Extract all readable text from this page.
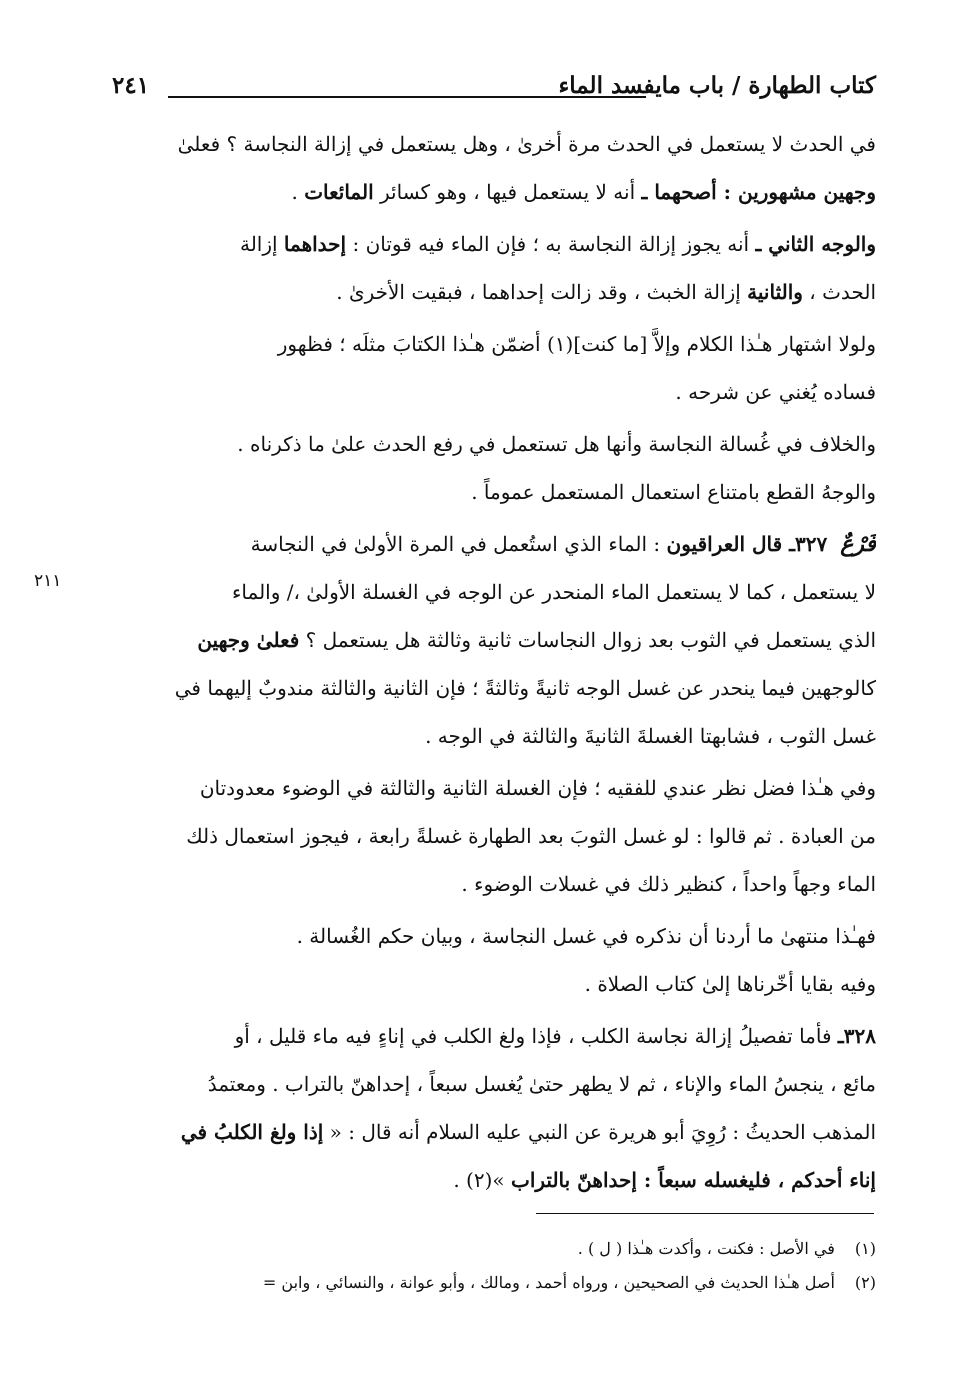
كتاب الطهارة / باب مايفسد الماء
٢٤١
٢١١
في الحدث لا يستعمل في الحدث مرة أخرىٰ ، وهل يستعمل في إزالة النجاسة ؟ فعلىٰ
وجهين مشهورين : أصحهما ـ أنه لا يستعمل فيها ، وهو كسائر المائعات .
والوجه الثاني ـ أنه يجوز إزالة النجاسة به ؛ فإن الماء فيه قوتان : إحداهما إزالة
الحدث ، والثانية إزالة الخبث ، وقد زالت إحداهما ، فبقيت الأخرىٰ .
ولولا اشتهار هـٰذا الكلام وإلاَّ [ما كنت](١) أضمّن هـٰذا الكتابَ مثلَه ؛ فظهور
فساده يُغني عن شرحه .
والخلاف في غُسالة النجاسة وأنها هل تستعمل في رفع الحدث علىٰ ما ذكرناه .
والوجهُ القطع بامتناع استعمال المستعمل عموماً .
فَرْعٌ ٣٢٧ـ قال العراقيون : الماء الذي استُعمل في المرة الأولىٰ في النجاسة
لا يستعمل ، كما لا يستعمل الماء المنحدر عن الوجه في الغسلة الأولىٰ ،/ والماء
الذي يستعمل في الثوب بعد زوال النجاسات ثانية وثالثة هل يستعمل ؟ فعلىٰ وجهين
كالوجهين فيما ينحدر عن غسل الوجه ثانيةً وثالثةً ؛ فإن الثانية والثالثة مندوبٌ إليهما في
غسل الثوب ، فشابهتا الغسلةَ الثانيةَ والثالثة في الوجه .
وفي هـٰذا فضل نظر عندي للفقيه ؛ فإن الغسلة الثانية والثالثة في الوضوء معدودتان
من العبادة . ثم قالوا : لو غسل الثوبَ بعد الطهارة غسلةً رابعة ، فيجوز استعمال ذلك
الماء وجهاً واحداً ، كنظير ذلك في غسلات الوضوء .
فهـٰذا منتهىٰ ما أردنا أن نذكره في غسل النجاسة ، وبيان حكم الغُسالة .
وفيه بقايا أخّرناها إلىٰ كتاب الصلاة .
٣٢٨ـ فأما تفصيلُ إزالة نجاسة الكلب ، فإذا ولغ الكلب في إناءٍ فيه ماء قليل ، أو
مائع ، ينجسُ الماء والإناء ، ثم لا يطهر حتىٰ يُغسل سبعاً ، إحداهنّ بالتراب . ومعتمدُ
المذهب الحديثُ : رُوِيَ أبو هريرة عن النبي عليه السلام أنه قال : « إذا ولغ الكلبُ في
إناء أحدكم ، فليغسله سبعاً : إحداهنّ بالتراب »(٢) .
(١) في الأصل : فكنت ، وأكدت هـٰذا ( ل ) .
(٢) أصل هـٰذا الحديث في الصحيحين ، ورواه أحمد ، ومالك ، وأبو عوانة ، والنسائي ، وابن =
